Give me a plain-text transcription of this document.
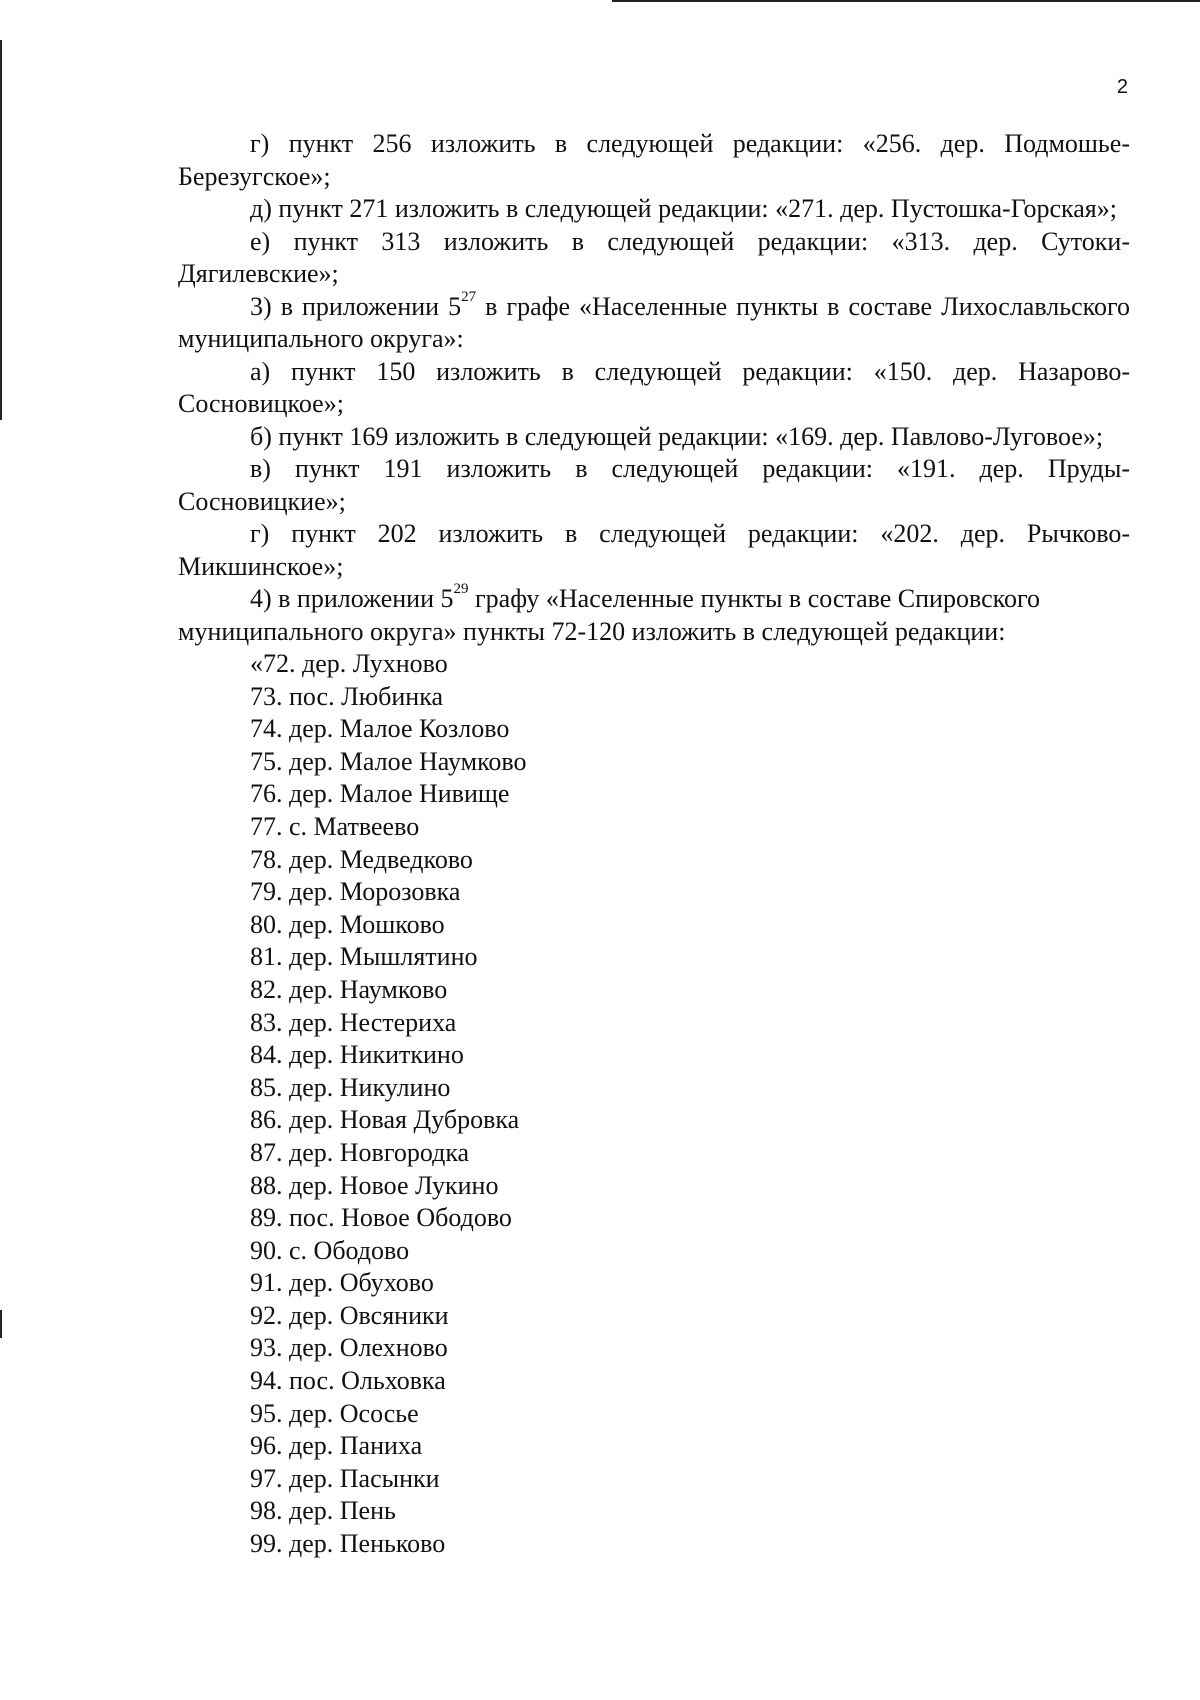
2

г) пункт 256 изложить в следующей редакции: «256. дер. Подмошье-Березугское»;

д) пункт 271 изложить в следующей редакции: «271. дер. Пустошка-Горская»;

е) пункт 313 изложить в следующей редакции: «313. дер. Сутоки-Дягилевские»;

3) в приложении $5^{27}$ в графе «Населенные пункты в составе Лихославльского муниципального округа»:

а) пункт 150 изложить в следующей редакции: «150. дер. Назарово-Сосновицкое»;

б) пункт 169 изложить в следующей редакции: «169. дер. Павлово-Луговое»;

в) пункт 191 изложить в следующей редакции: «191. дер. Пруды-Сосновицкие»;

г) пункт 202 изложить в следующей редакции: «202. дер. Рычково-Микшинское»;

4) в приложении $5^{29}$ графу «Населенные пункты в составе Спировского муниципального округа» пункты 72-120 изложить в следующей редакции:

«72. дер. Лухново
73. пос. Любинка
74. дер. Малое Козлово
75. дер. Малое Наумково
76. дер. Малое Нивище
77. с. Матвеево
78. дер. Медведково
79. дер. Морозовка
80. дер. Мошково
81. дер. Мышлятино
82. дер. Наумково
83. дер. Нестериха
84. дер. Никиткино
85. дер. Никулино
86. дер. Новая Дубровка
87. дер. Новгородка
88. дер. Новое Лукино
89. пос. Новое Ободово
90. с. Ободово
91. дер. Обухово
92. дер. Овсяники
93. дер. Олехново
94. пос. Ольховка
95. дер. Ососье
96. дер. Паниха
97. дер. Пасынки
98. дер. Пень
99. дер. Пеньково
